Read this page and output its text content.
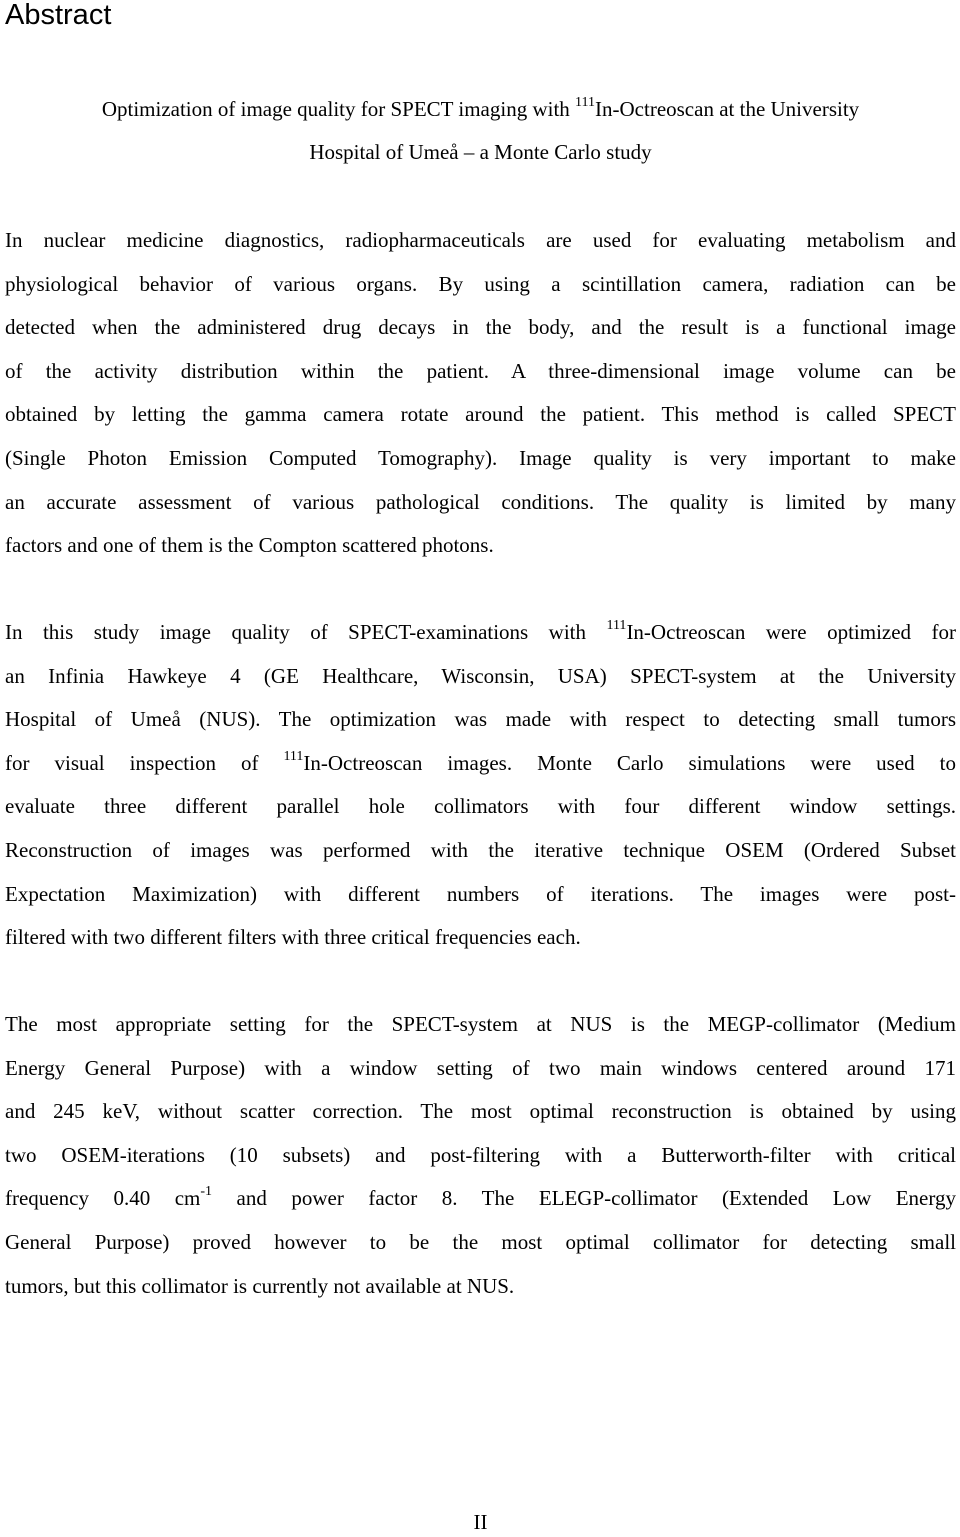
Abstract
Optimization of image quality for SPECT imaging with $^{111}$In-Octreoscan at the University
Hospital of Umeå – a Monte Carlo study
In nuclear medicine diagnostics, radiopharmaceuticals are used for evaluating metabolism and
physiological behavior of various organs. By using a scintillation camera, radiation can be
detected when the administered drug decays in the body, and the result is a functional image
of the activity distribution within the patient. A three-dimensional image volume can be
obtained by letting the gamma camera rotate around the patient. This method is called SPECT
(Single Photon Emission Computed Tomography). Image quality is very important to make
an accurate assessment of various pathological conditions. The quality is limited by many
factors and one of them is the Compton scattered photons.
In this study image quality of SPECT-examinations with $^{111}$In-Octreoscan were optimized for
an Infinia Hawkeye 4 (GE Healthcare, Wisconsin, USA) SPECT-system at the University
Hospital of Umeå (NUS). The optimization was made with respect to detecting small tumors
for visual inspection of $^{111}$In-Octreoscan images. Monte Carlo simulations were used to
evaluate three different parallel hole collimators with four different window settings.
Reconstruction of images was performed with the iterative technique OSEM (Ordered Subset
Expectation Maximization) with different numbers of iterations. The images were post-
filtered with two different filters with three critical frequencies each.
The most appropriate setting for the SPECT-system at NUS is the MEGP-collimator (Medium
Energy General Purpose) with a window setting of two main windows centered around 171
and 245 keV, without scatter correction. The most optimal reconstruction is obtained by using
two OSEM-iterations (10 subsets) and post-filtering with a Butterworth-filter with critical
frequency 0.40 $cm^{-1}$ and power factor 8. The ELEGP-collimator (Extended Low Energy
General Purpose) proved however to be the most optimal collimator for detecting small
tumors, but this collimator is currently not available at NUS.
II
